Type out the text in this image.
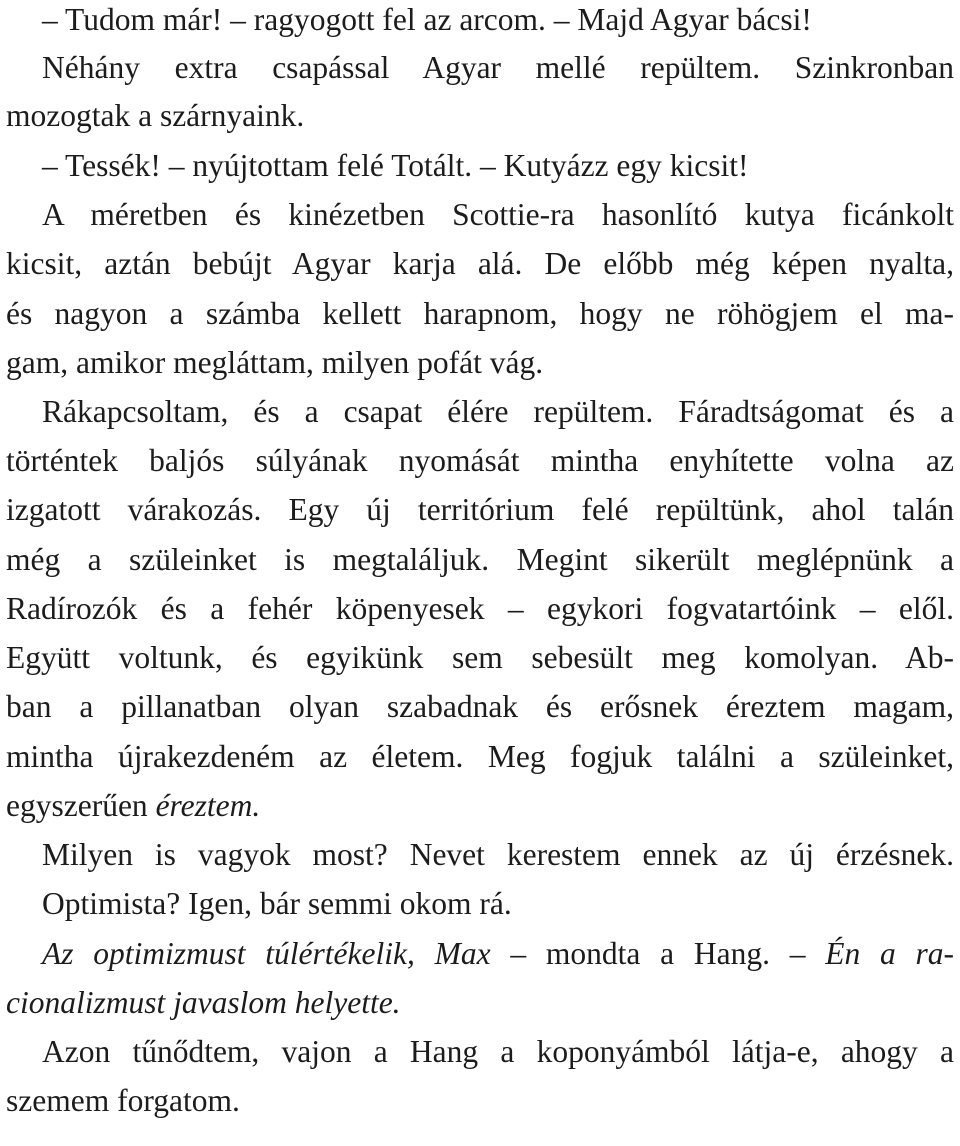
– Tudom már! – ragyogott fel az arcom. – Majd Agyar bácsi!
Néhány extra csapással Agyar mellé repültem. Szinkronban
mozogtak a szárnyaink.
– Tessék! – nyújtottam felé Totált. – Kutyázz egy kicsit!
A méretben és kinézetben Scottie-ra hasonlító kutya ficánkolt
kicsit, aztán bebújt Agyar karja alá. De előbb még képen nyalta,
és nagyon a számba kellett harapnom, hogy ne röhögjem el ma-
gam, amikor megláttam, milyen pofát vág.
Rákapcsoltam, és a csapat élére repültem. Fáradtságomat és a
történtek baljós súlyának nyomását mintha enyhítette volna az
izgatott várakozás. Egy új territórium felé repültünk, ahol talán
még a szüleinket is megtaláljuk. Megint sikerült meglépnünk a
Radírozók és a fehér köpenyesek – egykori fogvatartóink – elől.
Együtt voltunk, és egyikünk sem sebesült meg komolyan. Ab-
ban a pillanatban olyan szabadnak és erősnek éreztem magam,
mintha újrakezdeném az életem. Meg fogjuk találni a szüleinket,
egyszerűen éreztem.
Milyen is vagyok most? Nevet kerestem ennek az új érzésnek.
Optimista? Igen, bár semmi okom rá.
Az optimizmust túlértékelik, Max – mondta a Hang. – Én a ra-
cionalizmust javaslom helyette.
Azon tűnődtem, vajon a Hang a koponyámból látja-e, ahogy a
szemem forgatom.
